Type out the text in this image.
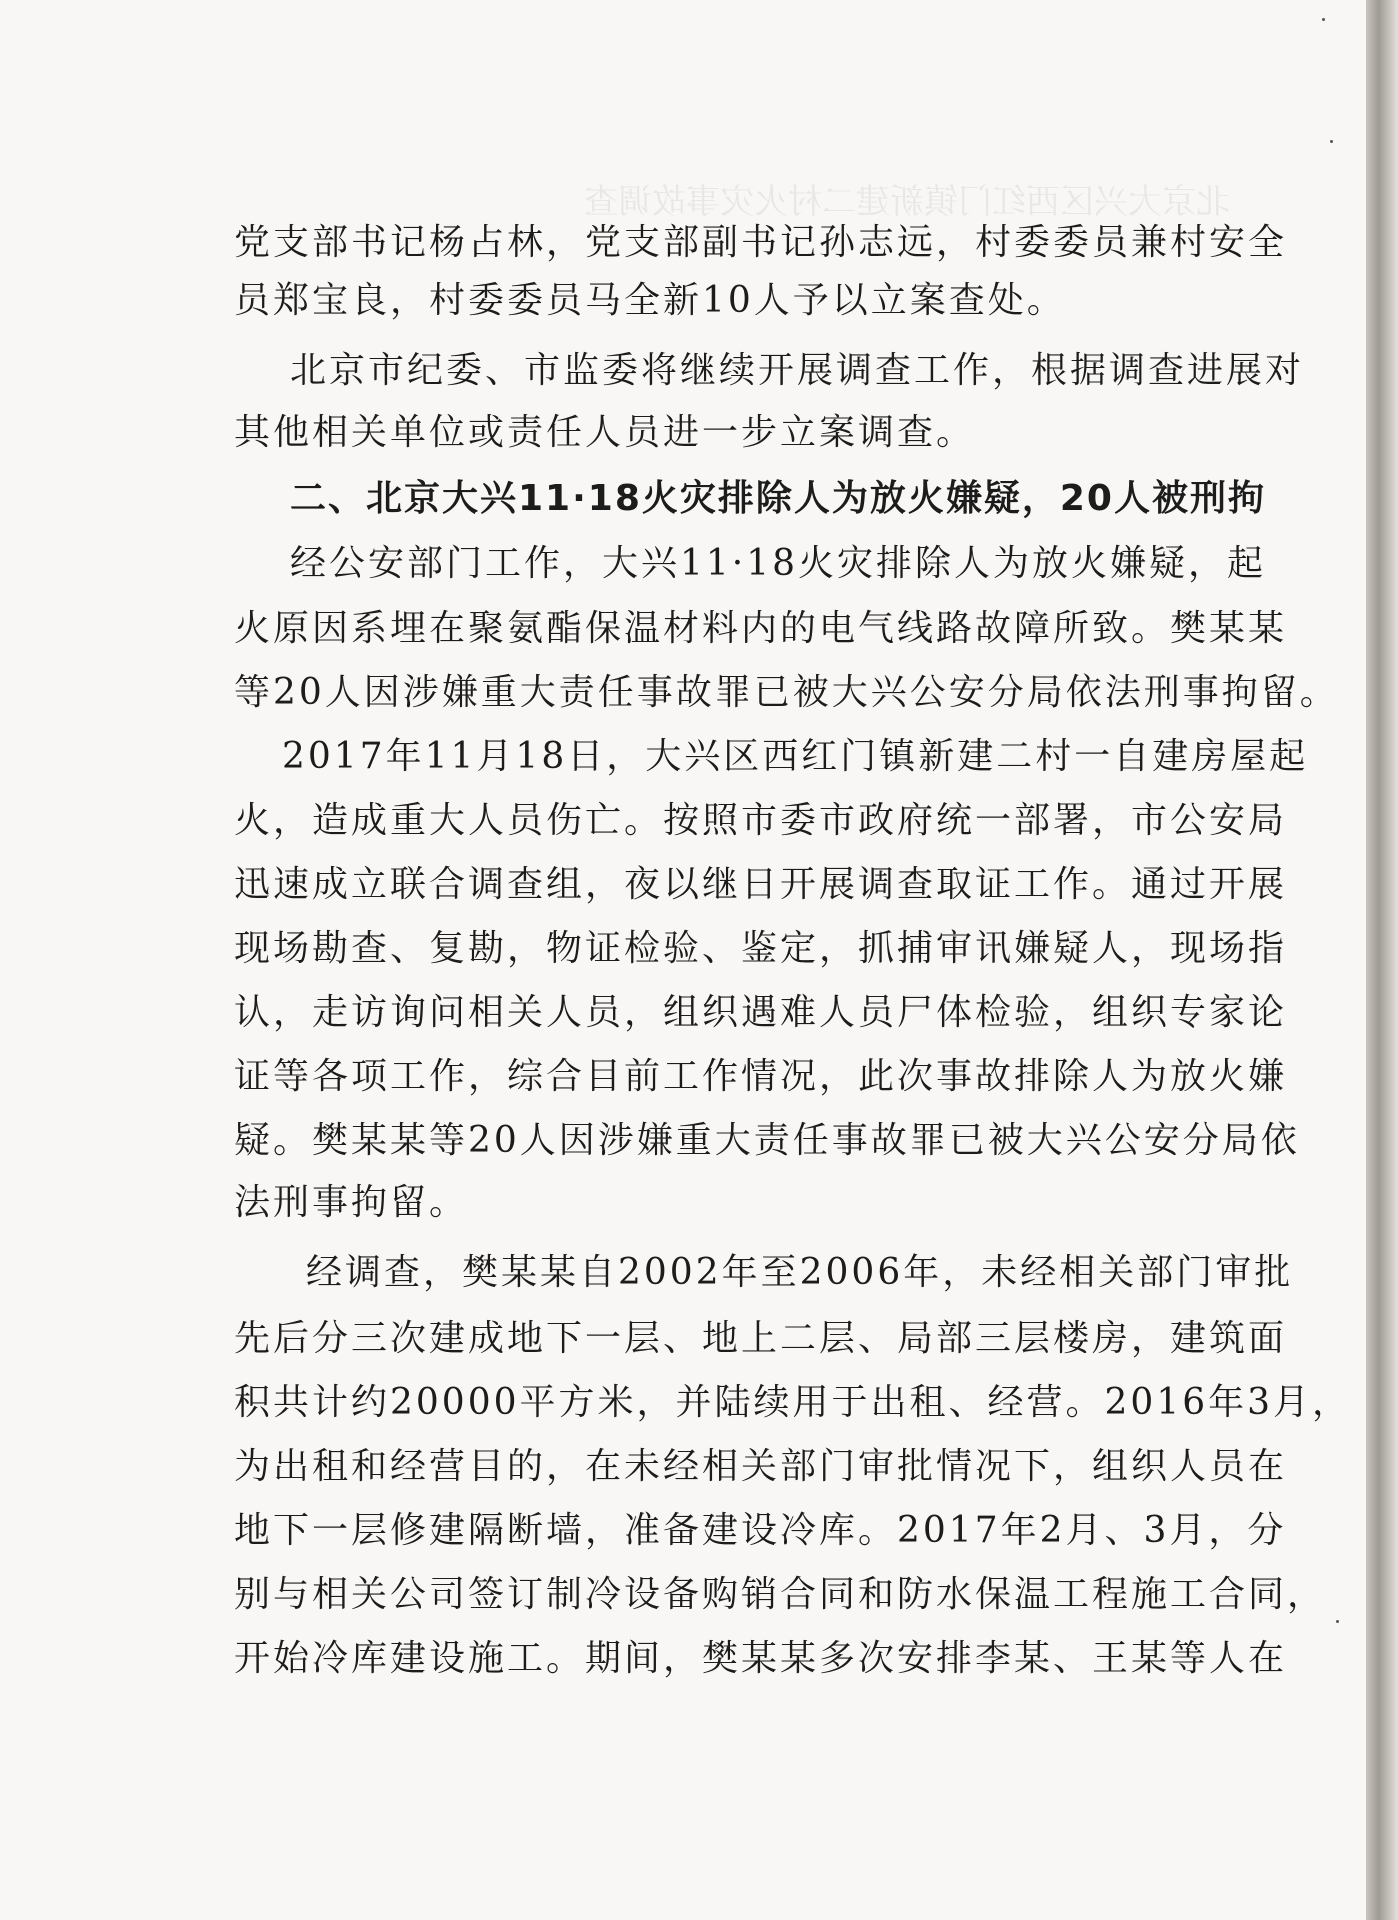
北京大兴区西红门镇新建二村火灾事故调查
党支部书记杨占林，党支部副书记孙志远，村委委员兼村安全
员郑宝良，村委委员马全新10人予以立案查处。
北京市纪委、市监委将继续开展调查工作，根据调查进展对
其他相关单位或责任人员进一步立案调查。
二、北京大兴11·18火灾排除人为放火嫌疑，20人被刑拘
经公安部门工作，大兴11·18火灾排除人为放火嫌疑，起
火原因系埋在聚氨酯保温材料内的电气线路故障所致。樊某某
等20人因涉嫌重大责任事故罪已被大兴公安分局依法刑事拘留。
2017年11月18日，大兴区西红门镇新建二村一自建房屋起
火，造成重大人员伤亡。按照市委市政府统一部署，市公安局
迅速成立联合调查组，夜以继日开展调查取证工作。通过开展
现场勘查、复勘，物证检验、鉴定，抓捕审讯嫌疑人，现场指
认，走访询问相关人员，组织遇难人员尸体检验，组织专家论
证等各项工作，综合目前工作情况，此次事故排除人为放火嫌
疑。樊某某等20人因涉嫌重大责任事故罪已被大兴公安分局依
法刑事拘留。
经调查，樊某某自2002年至2006年，未经相关部门审批
先后分三次建成地下一层、地上二层、局部三层楼房，建筑面
积共计约20000平方米，并陆续用于出租、经营。2016年3月，
为出租和经营目的，在未经相关部门审批情况下，组织人员在
地下一层修建隔断墙，准备建设冷库。2017年2月、3月，分
别与相关公司签订制冷设备购销合同和防水保温工程施工合同，
开始冷库建设施工。期间，樊某某多次安排李某、王某等人在
